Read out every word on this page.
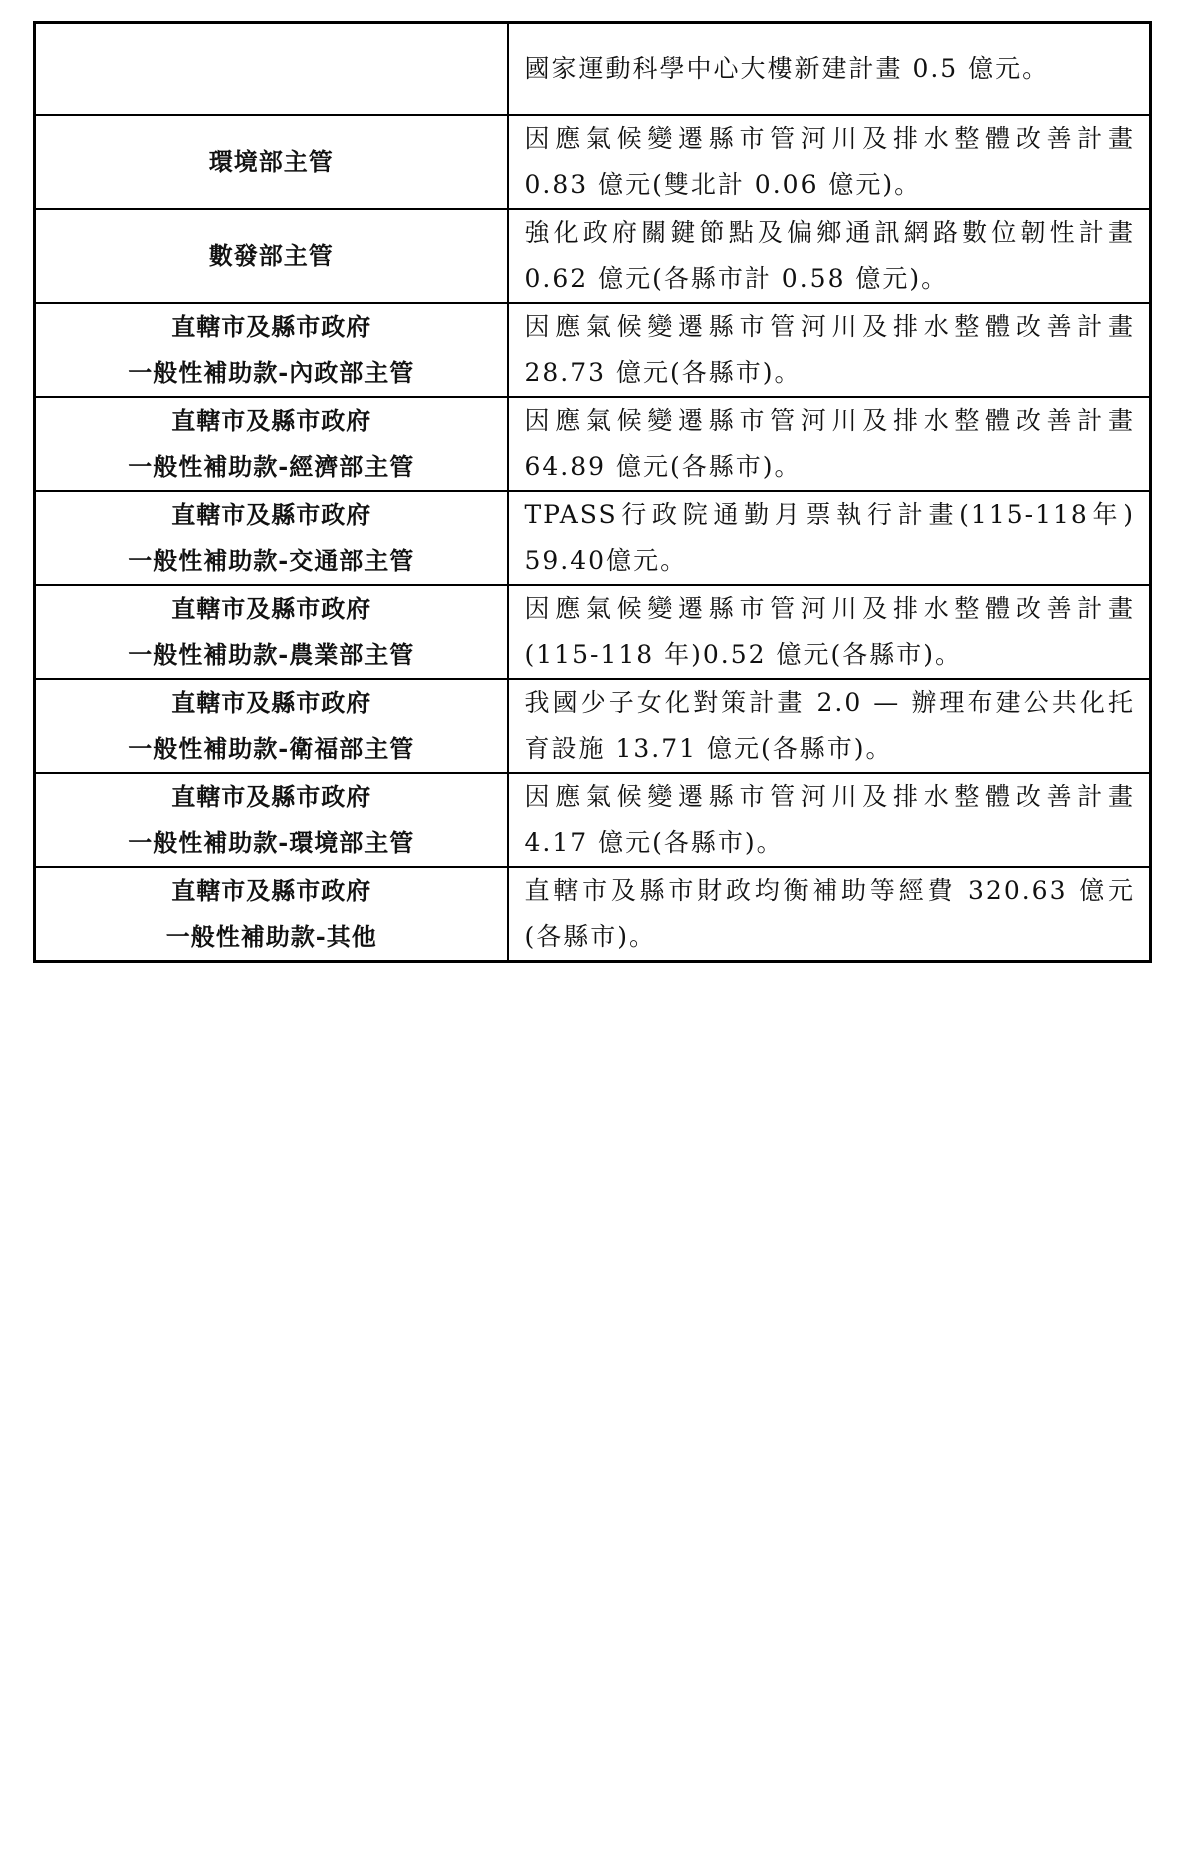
	國家運動科學中心大樓新建計畫 0.5 億元。

環境部主管	因應氣候變遷縣市管河川及排水整體改善計畫 0.83 億元(雙北計 0.06 億元)。

數發部主管	強化政府關鍵節點及偏鄉通訊網路數位韌性計畫 0.62 億元(各縣市計 0.58 億元)。

直轄市及縣市政府
一般性補助款-內政部主管	因應氣候變遷縣市管河川及排水整體改善計畫 28.73 億元(各縣市)。

直轄市及縣市政府
一般性補助款-經濟部主管	因應氣候變遷縣市管河川及排水整體改善計畫 64.89 億元(各縣市)。

直轄市及縣市政府
一般性補助款-交通部主管	TPASS行政院通勤月票執行計畫(115-118年) 59.40億元。

直轄市及縣市政府
一般性補助款-農業部主管	因應氣候變遷縣市管河川及排水整體改善計畫 (115-118 年)0.52 億元(各縣市)。

直轄市及縣市政府
一般性補助款-衛福部主管	我國少子女化對策計畫 2.0 — 辦理布建公共化托育設施 13.71 億元(各縣市)。

直轄市及縣市政府
一般性補助款-環境部主管	因應氣候變遷縣市管河川及排水整體改善計畫 4.17 億元(各縣市)。

直轄市及縣市政府
一般性補助款-其他	直轄市及縣市財政均衡補助等經費 320.63 億元 (各縣市)。
